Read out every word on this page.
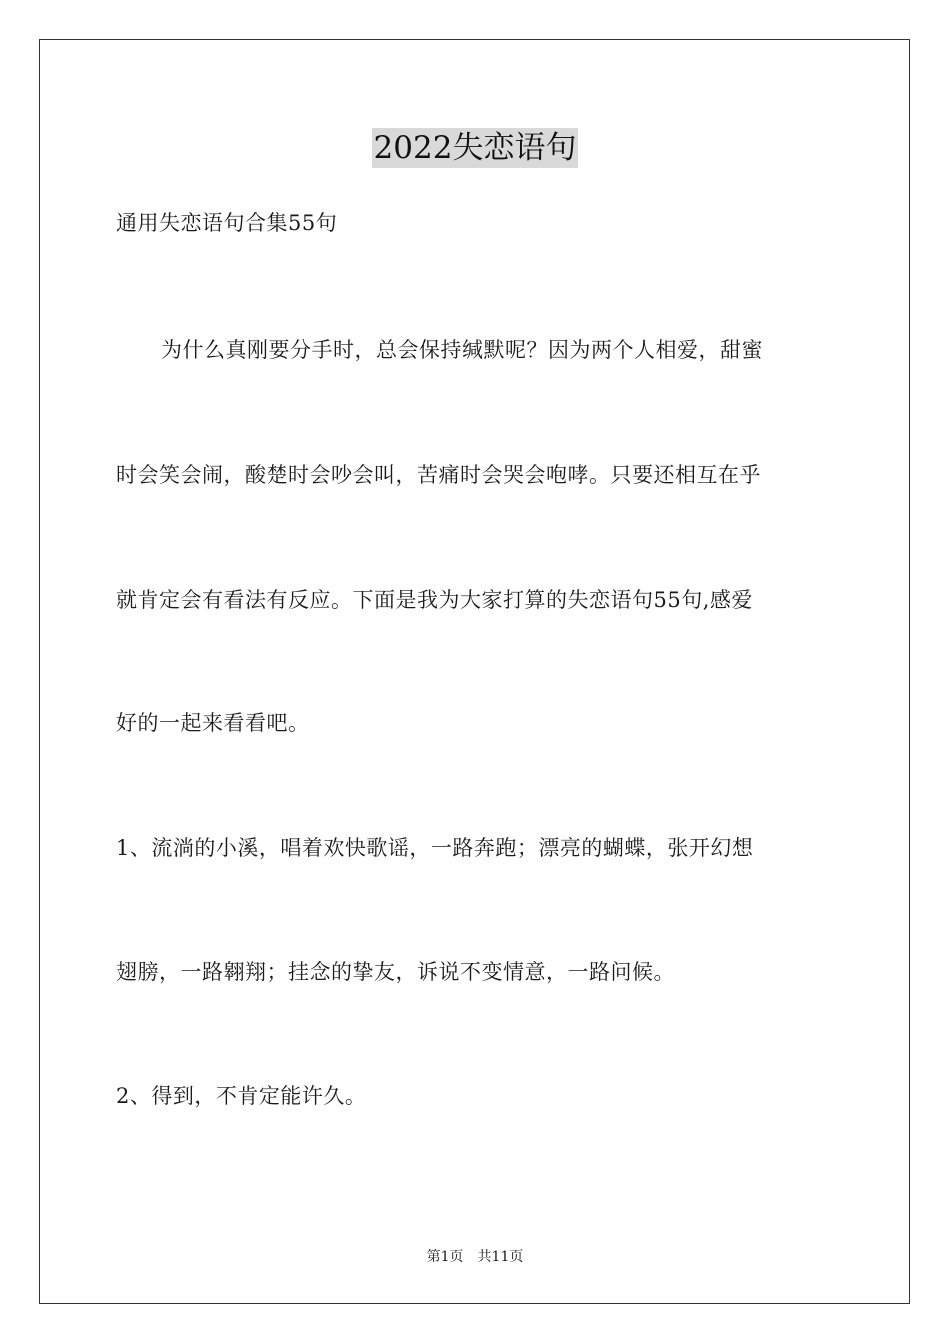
2022失恋语句
通用失恋语句合集55句
为什么真刚要分手时，总会保持缄默呢？因为两个人相爱，甜蜜
时会笑会闹，酸楚时会吵会叫，苦痛时会哭会咆哮。只要还相互在乎
就肯定会有看法有反应。下面是我为大家打算的失恋语句55句,感爱
好的一起来看看吧。
1、流淌的小溪，唱着欢快歌谣，一路奔跑；漂亮的蝴蝶，张开幻想
翅膀，一路翱翔；挂念的挚友，诉说不变情意，一路问候。
2、得到，不肯定能许久。
第1页 共11页
